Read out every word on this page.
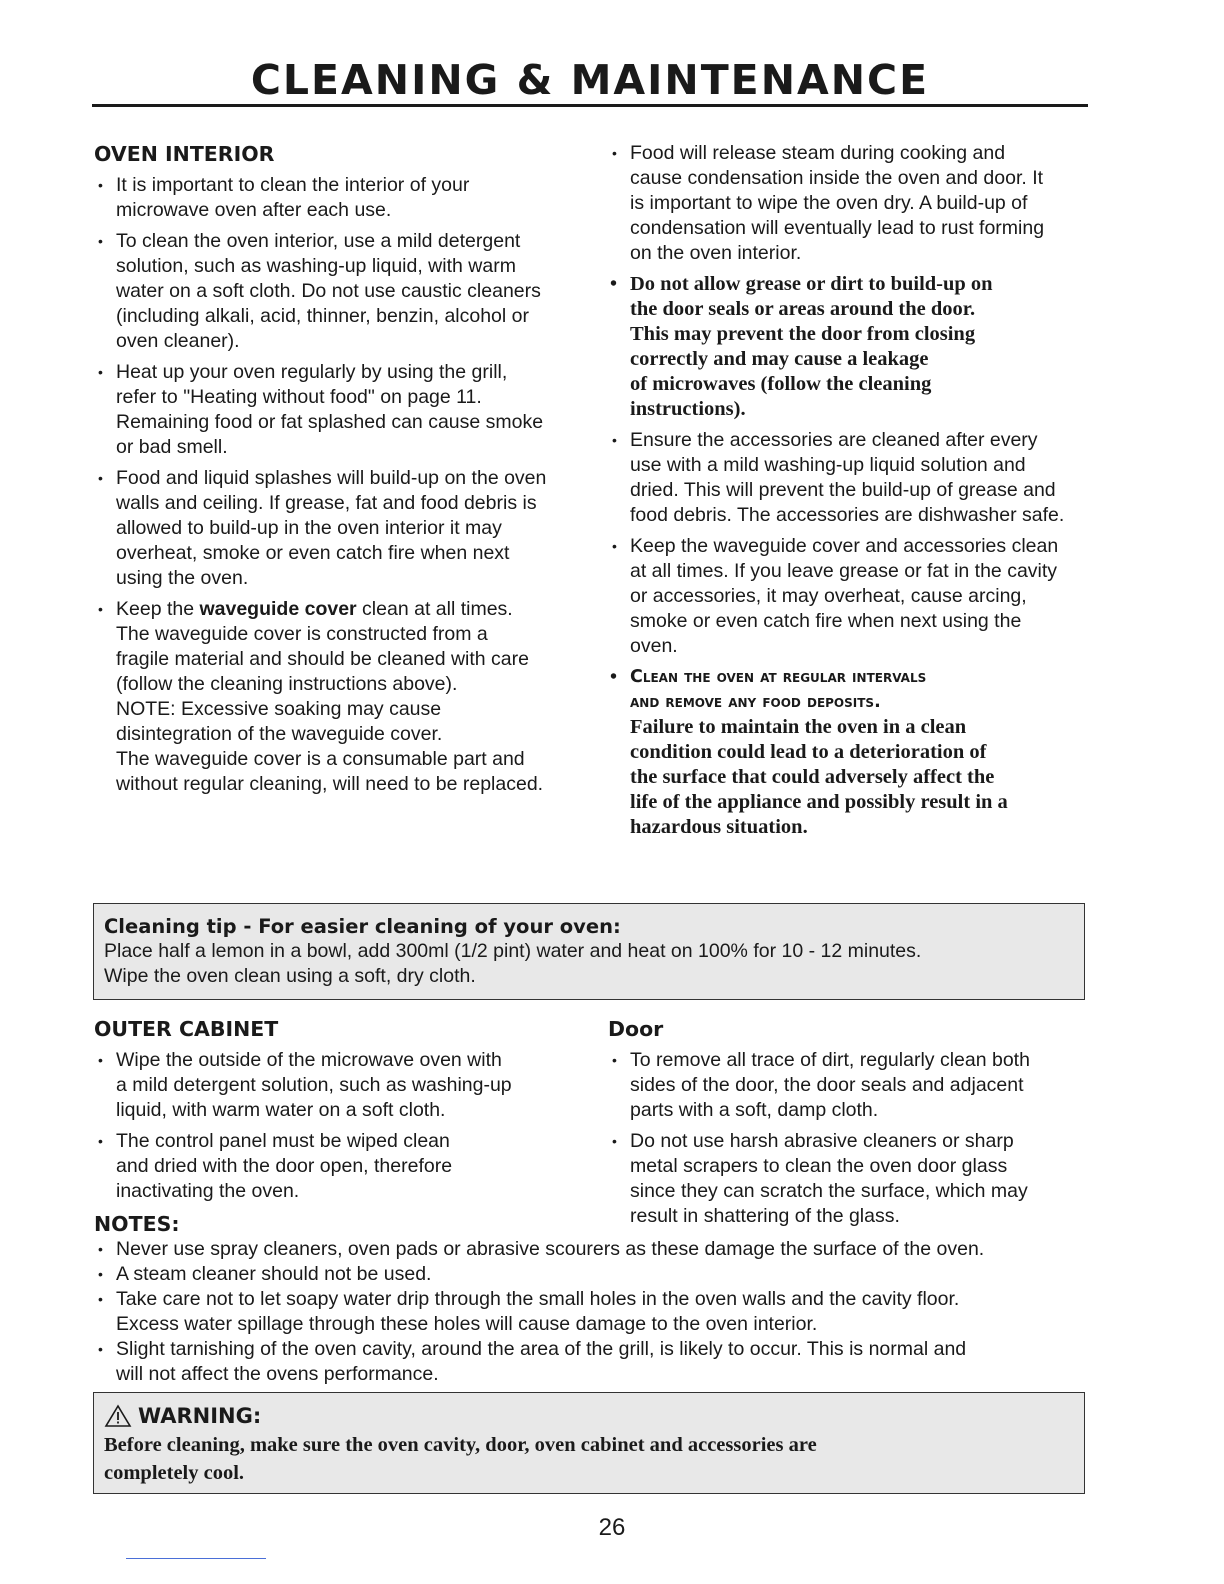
CLEANING & MAINTENANCE
OVEN INTERIOR
• It is important to clean the interior of your
microwave oven after each use.
• To clean the oven interior, use a mild detergent
solution, such as washing-up liquid, with warm
water on a soft cloth. Do not use caustic cleaners
(including alkali, acid, thinner, benzin, alcohol or
oven cleaner).
• Heat up your oven regularly by using the grill,
refer to "Heating without food" on page 11.
Remaining food or fat splashed can cause smoke
or bad smell.
• Food and liquid splashes will build-up on the oven
walls and ceiling. If grease, fat and food debris is
allowed to build-up in the oven interior it may
overheat, smoke or even catch fire when next
using the oven.
• Keep the waveguide cover clean at all times.
The waveguide cover is constructed from a
fragile material and should be cleaned with care
(follow the cleaning instructions above).
NOTE: Excessive soaking may cause
disintegration of the waveguide cover.
The waveguide cover is a consumable part and
without regular cleaning, will need to be replaced.
• Food will release steam during cooking and
cause condensation inside the oven and door. It
is important to wipe the oven dry. A build-up of
condensation will eventually lead to rust forming
on the oven interior.
• Do not allow grease or dirt to build-up on
the door seals or areas around the door.
This may prevent the door from closing
correctly and may cause a leakage
of microwaves (follow the cleaning
instructions).
• Ensure the accessories are cleaned after every
use with a mild washing-up liquid solution and
dried. This will prevent the build-up of grease and
food debris. The accessories are dishwasher safe.
• Keep the waveguide cover and accessories clean
at all times. If you leave grease or fat in the cavity
or accessories, it may overheat, cause arcing,
smoke or even catch fire when next using the
oven.
• Clean the oven at regular intervals
and remove any food deposits.
Failure to maintain the oven in a clean
condition could lead to a deterioration of
the surface that could adversely affect the
life of the appliance and possibly result in a
hazardous situation.
Cleaning tip - For easier cleaning of your oven:
Place half a lemon in a bowl, add 300ml (1/2 pint) water and heat on 100% for 10 - 12 minutes.
Wipe the oven clean using a soft, dry cloth.
OUTER CABINET
• Wipe the outside of the microwave oven with
a mild detergent solution, such as washing-up
liquid, with warm water on a soft cloth.
• The control panel must be wiped clean
and dried with the door open, therefore
inactivating the oven.
Door
• To remove all trace of dirt, regularly clean both
sides of the door, the door seals and adjacent
parts with a soft, damp cloth.
• Do not use harsh abrasive cleaners or sharp
metal scrapers to clean the oven door glass
since they can scratch the surface, which may
result in shattering of the glass.
NOTES:
• Never use spray cleaners, oven pads or abrasive scourers as these damage the surface of the oven.
• A steam cleaner should not be used.
• Take care not to let soapy water drip through the small holes in the oven walls and the cavity floor.
Excess water spillage through these holes will cause damage to the oven interior.
• Slight tarnishing of the oven cavity, around the area of the grill, is likely to occur. This is normal and
will not affect the ovens performance.
WARNING:
Before cleaning, make sure the oven cavity, door, oven cabinet and accessories are
completely cool.
26
